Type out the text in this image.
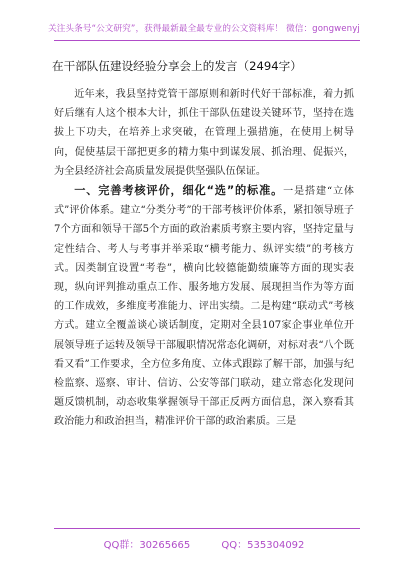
关注头条号“公文研究”，获得最新最全最专业的公文资料库！ 微信：gongwenyj
在干部队伍建设经验分享会上的发言（2494字）

近年来，我县坚持党管干部原则和新时代好干部标准，着力抓好后继有人这个根本大计，抓住干部队伍建设关键环节，坚持在选拔上下功夫，在培养上求突破，在管理上强措施，在使用上树导向，促使基层干部把更多的精力集中到谋发展、抓治理、促振兴，为全县经济社会高质量发展提供坚强队伍保证。

一、完善考核评价，细化“选”的标准。一是搭建“立体式”评价体系。建立“分类分考”的干部考核评价体系，紧扣领导班子7个方面和领导干部5个方面的政治素质考察主要内容，坚持定量与定性结合、考人与考事并举采取“横考能力、纵评实绩”的考核方式。因类制宜设置“考卷”，横向比较德能勤绩廉等方面的现实表现，纵向评判推动重点工作、服务地方发展、展现担当作为等方面的工作成效，多维度考准能力、评出实绩。二是构建“联动式”考核方式。建立全覆盖谈心谈话制度，定期对全县107家企事业单位开展领导班子运转及领导干部履职情况常态化调研，对标对表“八个既看又看”工作要求，全方位多角度、立体式跟踪了解干部，加强与纪检监察、巡察、审计、信访、公安等部门联动，建立常态化发现问题反馈机制，动态收集掌握领导干部正反两方面信息，深入察看其政治能力和政治担当，精准评价干部的政治素质。三是

QQ群：30265665	QQ：535304092
